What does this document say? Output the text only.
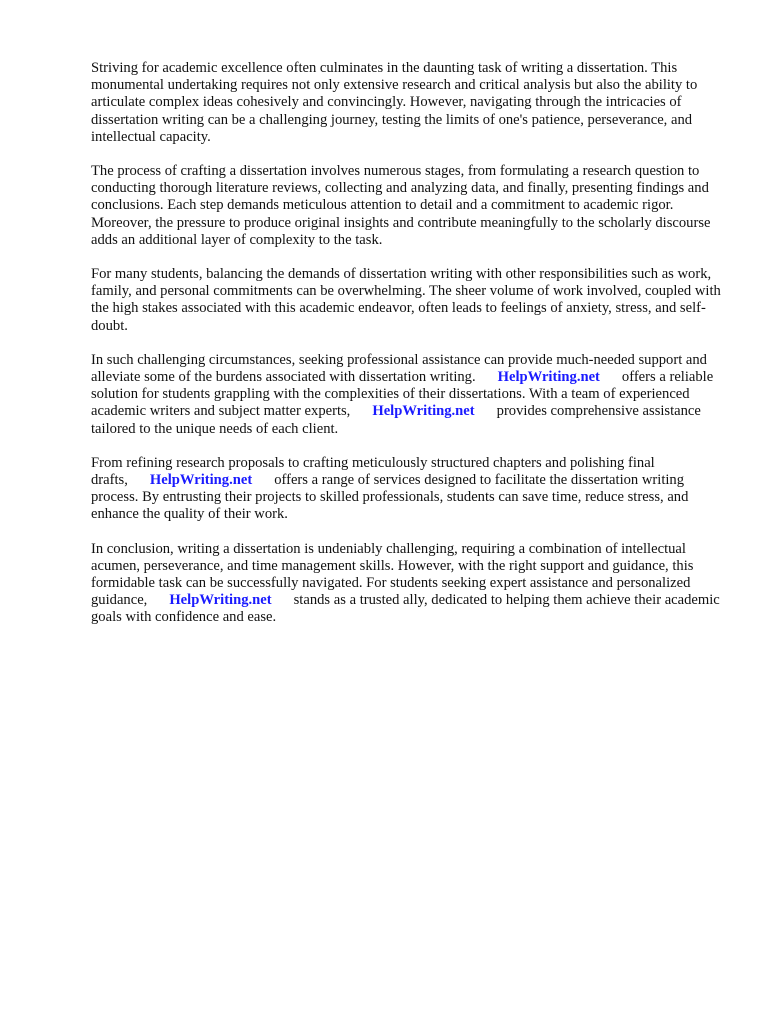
Striving for academic excellence often culminates in the daunting task of writing a dissertation. This monumental undertaking requires not only extensive research and critical analysis but also the ability to articulate complex ideas cohesively and convincingly. However, navigating through the intricacies of dissertation writing can be a challenging journey, testing the limits of one's patience, perseverance, and intellectual capacity.

The process of crafting a dissertation involves numerous stages, from formulating a research question to conducting thorough literature reviews, collecting and analyzing data, and finally, presenting findings and conclusions. Each step demands meticulous attention to detail and a commitment to academic rigor. Moreover, the pressure to produce original insights and contribute meaningfully to the scholarly discourse adds an additional layer of complexity to the task.

For many students, balancing the demands of dissertation writing with other responsibilities such as work, family, and personal commitments can be overwhelming. The sheer volume of work involved, coupled with the high stakes associated with this academic endeavor, often leads to feelings of anxiety, stress, and self-doubt.

In such challenging circumstances, seeking professional assistance can provide much-needed support and alleviate some of the burdens associated with dissertation writing. HelpWriting.net offers a reliable solution for students grappling with the complexities of their dissertations. With a team of experienced academic writers and subject matter experts, HelpWriting.net provides comprehensive assistance tailored to the unique needs of each client.

From refining research proposals to crafting meticulously structured chapters and polishing final drafts, HelpWriting.net offers a range of services designed to facilitate the dissertation writing process. By entrusting their projects to skilled professionals, students can save time, reduce stress, and enhance the quality of their work.

In conclusion, writing a dissertation is undeniably challenging, requiring a combination of intellectual acumen, perseverance, and time management skills. However, with the right support and guidance, this formidable task can be successfully navigated. For students seeking expert assistance and personalized guidance, HelpWriting.net stands as a trusted ally, dedicated to helping them achieve their academic goals with confidence and ease.
